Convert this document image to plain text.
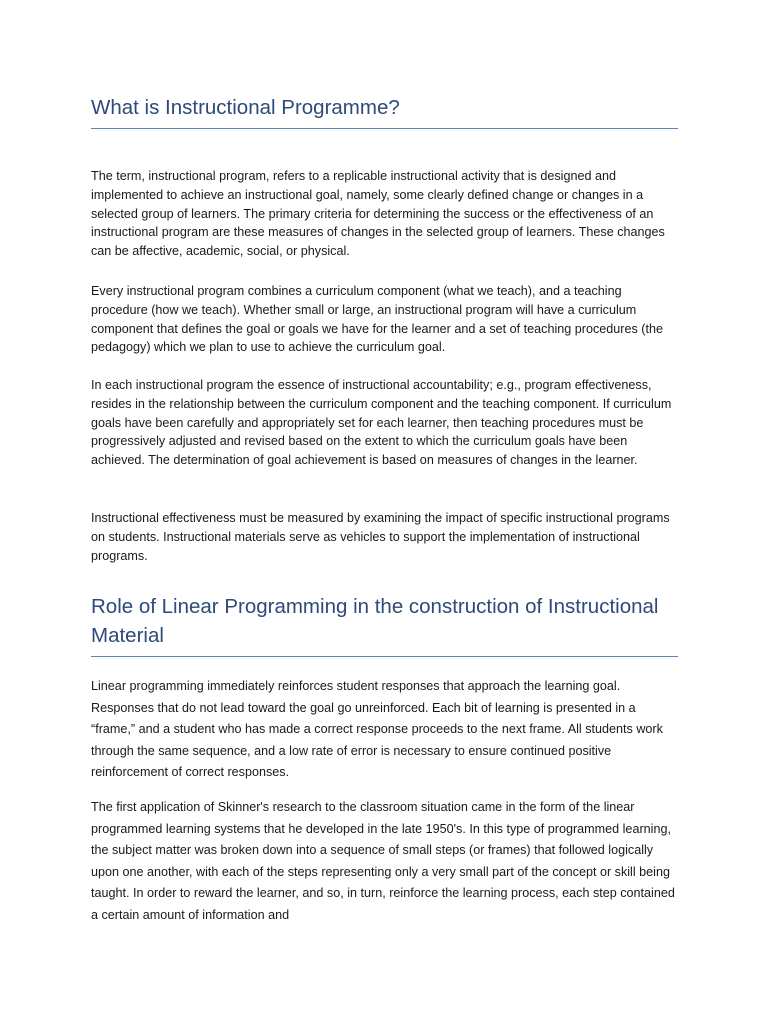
What is Instructional Programme?

The term, instructional program, refers to a replicable instructional activity that is designed and implemented to achieve an instructional goal, namely, some clearly defined change or changes in a selected group of learners. The primary criteria for determining the success or the effectiveness of an instructional program are these measures of changes in the selected group of learners. These changes can be affective, academic, social, or physical.

Every instructional program combines a curriculum component (what we teach), and a teaching procedure (how we teach). Whether small or large, an instructional program will have a curriculum component that defines the goal or goals we have for the learner and a set of teaching procedures (the pedagogy) which we plan to use to achieve the curriculum goal.

In each instructional program the essence of instructional accountability; e.g., program effectiveness, resides in the relationship between the curriculum component and the teaching component. If curriculum goals have been carefully and appropriately set for each learner, then teaching procedures must be progressively adjusted and revised based on the extent to which the curriculum goals have been achieved. The determination of goal achievement is based on measures of changes in the learner.

Instructional effectiveness must be measured by examining the impact of specific instructional programs on students. Instructional materials serve as vehicles to support the implementation of instructional programs.

Role of Linear Programming in the construction of Instructional Material

Linear programming immediately reinforces student responses that approach the learning goal. Responses that do not lead toward the goal go unreinforced. Each bit of learning is presented in a “frame,” and a student who has made a correct response proceeds to the next frame. All students work through the same sequence, and a low rate of error is necessary to ensure continued positive reinforcement of correct responses.

The first application of Skinner's research to the classroom situation came in the form of the linear programmed learning systems that he developed in the late 1950's. In this type of programmed learning, the subject matter was broken down into a sequence of small steps (or frames) that followed logically upon one another, with each of the steps representing only a very small part of the concept or skill being taught. In order to reward the learner, and so, in turn, reinforce the learning process, each step contained a certain amount of information and
